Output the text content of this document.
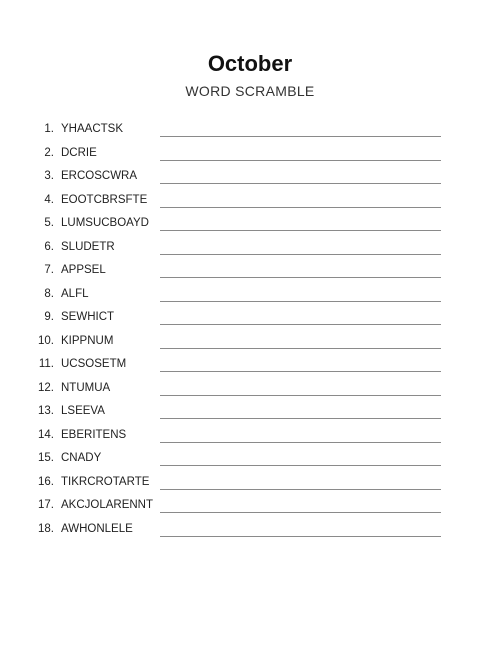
October
WORD SCRAMBLE
1. YHAACTSK
2. DCRIE
3. ERCOSCWRA
4. EOOTCBRSFTE
5. LUMSUCBOAYD
6. SLUDETR
7. APPSEL
8. ALFL
9. SEWHICT
10. KIPPNUM
11. UCSOSETM
12. NTUMUA
13. LSEEVA
14. EBERITENS
15. CNADY
16. TIKRCROTARTE
17. AKCJOLARENNT
18. AWHONLELE
